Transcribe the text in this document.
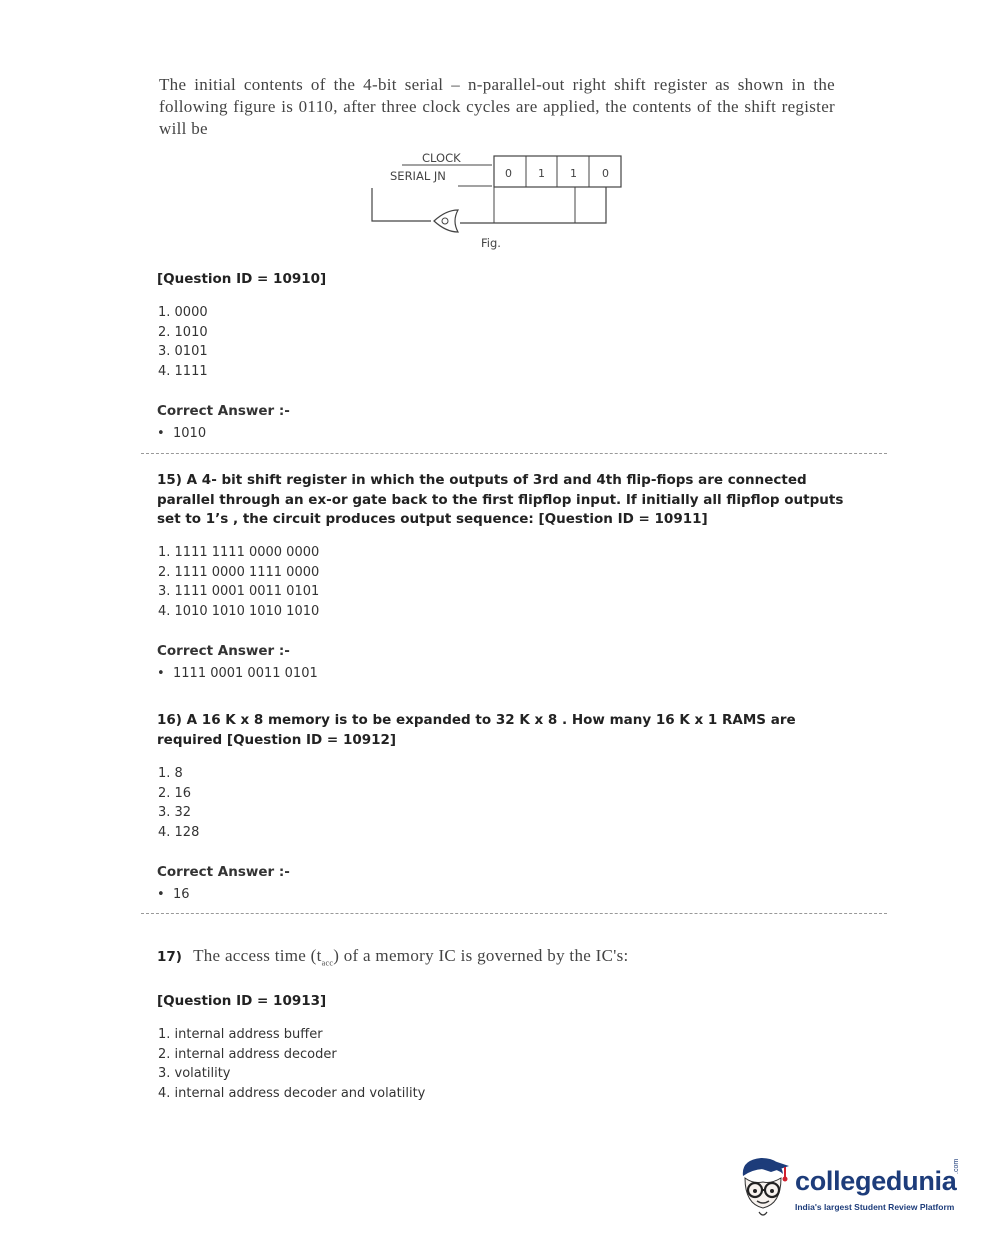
The initial contents of the 4-bit serial – n-parallel-out right shift register as shown in the following figure is 0110, after three clock cycles are applied, the contents of the shift register will be
CLOCK
SERIAL JN	0 1 1 0
Fig.
[Question ID = 10910]
1. 0000
2. 1010
3. 0101
4. 1111
Correct Answer :-
• 1010
15) A 4- bit shift register in which the outputs of 3rd and 4th flip-fiops are connected parallel through an ex-or gate back to the first flipflop input. If initially all flipflop outputs set to 1’s , the circuit produces output sequence: [Question ID = 10911]
1. 1111 1111 0000 0000
2. 1111 0000 1111 0000
3. 1111 0001 0011 0101
4. 1010 1010 1010 1010
Correct Answer :-
• 1111 0001 0011 0101
16) A 16 K x 8 memory is to be expanded to 32 K x 8 . How many 16 K x 1 RAMS are required [Question ID = 10912]
1. 8
2. 16
3. 32
4. 128
Correct Answer :-
• 16
17) The access time $(t_{acc})$ of a memory IC is governed by the IC's:
[Question ID = 10913]
1. internal address buffer
2. internal address decoder
3. volatility
4. internal address decoder and volatility
collegedunia
.com
India's largest Student Review Platform
